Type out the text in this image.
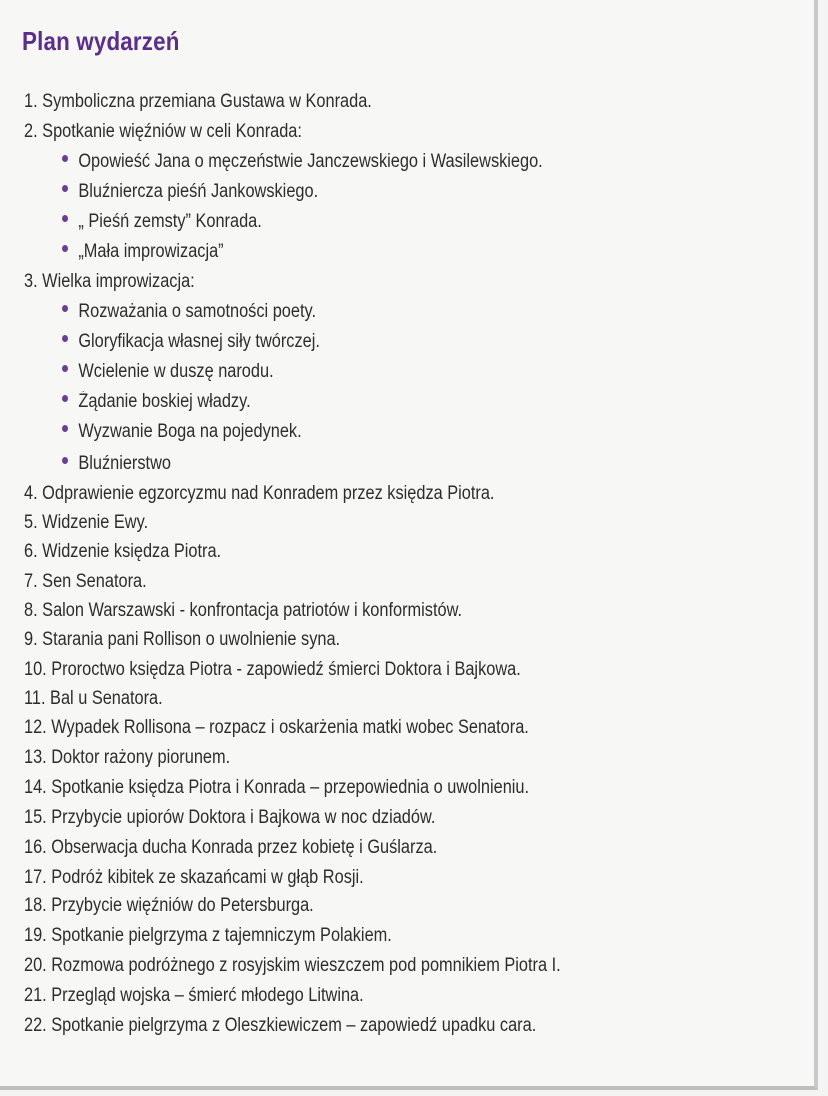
Plan wydarzeń
1. Symboliczna przemiana Gustawa w Konrada.
2. Spotkanie więźniów w celi Konrada:
Opowieść Jana o męczeństwie Janczewskiego i Wasilewskiego.
Bluźniercza pieśń Jankowskiego.
„ Pieśń zemsty” Konrada.
„Mała improwizacja”
3. Wielka improwizacja:
Rozważania o samotności poety.
Gloryfikacja własnej siły twórczej.
Wcielenie w duszę narodu.
Żądanie boskiej władzy.
Wyzwanie Boga na pojedynek.
Bluźnierstwo
4. Odprawienie egzorcyzmu nad Konradem przez księdza Piotra.
5. Widzenie Ewy.
6. Widzenie księdza Piotra.
7. Sen Senatora.
8. Salon Warszawski - konfrontacja patriotów i konformistów.
9. Starania pani Rollison o uwolnienie syna.
10. Proroctwo księdza Piotra - zapowiedź śmierci Doktora i Bajkowa.
11. Bal u Senatora.
12. Wypadek Rollisona – rozpacz i oskarżenia matki wobec Senatora.
13. Doktor rażony piorunem.
14. Spotkanie księdza Piotra i Konrada – przepowiednia o uwolnieniu.
15. Przybycie upiorów Doktora i Bajkowa w noc dziadów.
16. Obserwacja ducha Konrada przez kobietę i Guślarza.
17. Podróż kibitek ze skazańcami w głąb Rosji.
18. Przybycie więźniów do Petersburga.
19. Spotkanie pielgrzyma z tajemniczym Polakiem.
20. Rozmowa podróżnego z rosyjskim wieszczem pod pomnikiem Piotra I.
21. Przegląd wojska – śmierć młodego Litwina.
22. Spotkanie pielgrzyma z Oleszkiewiczem – zapowiedź upadku cara.
